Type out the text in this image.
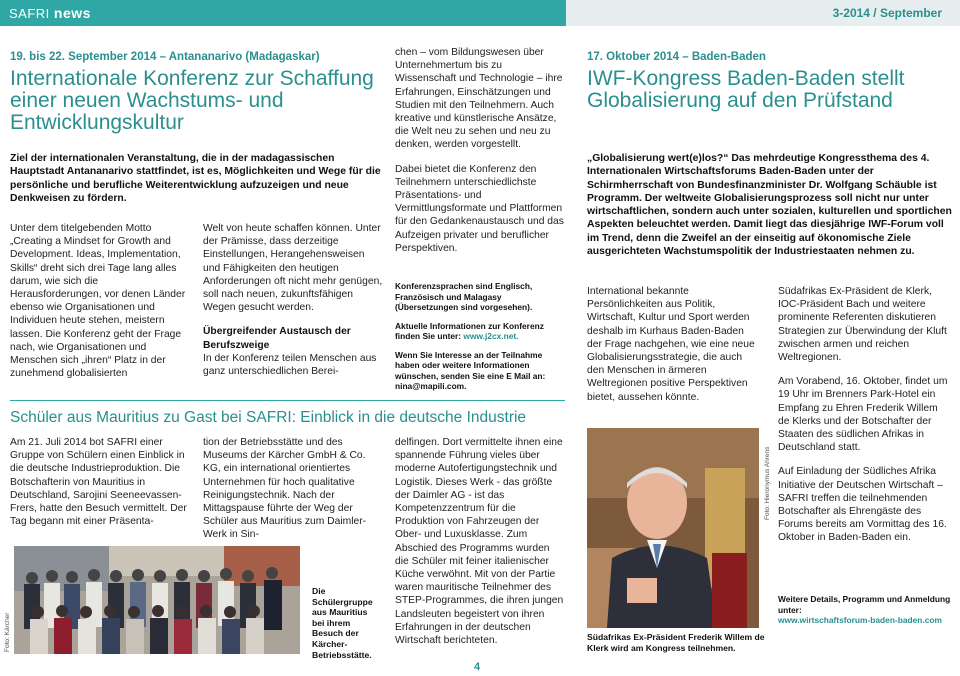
SAFRI news	3-2014 / September
19. bis 22. September 2014 – Antananarivo (Madagaskar)
Internationale Konferenz zur Schaffung einer neuen Wachstums- und Entwicklungskultur
Ziel der internationalen Veranstaltung, die in der madagassischen Hauptstadt Antananarivo stattfindet, ist es, Möglichkeiten und Wege für die persönliche und berufliche Weiterentwicklung aufzuzeigen und neue Denkweisen zu fördern.
Unter dem titelgebenden Motto „Creating a Mindset for Growth and Development. Ideas, Implementation, Skills“ dreht sich drei Tage lang alles darum, wie sich die Herausforderungen, vor denen Länder ebenso wie Organisationen und Individuen heute stehen, meistern lassen. Die Konferenz geht der Frage nach, wie Organisationen und Menschen sich „ihren“ Platz in der zunehmend globalisierten

Welt von heute schaffen können. Unter der Prämisse, dass derzeitige Einstellungen, Herangehensweisen und Fähigkeiten den heutigen Anforderungen oft nicht mehr genügen, soll nach neuen, zukunftsfähigen Wegen gesucht werden.

Übergreifender Austausch der Berufszweige

In der Konferenz teilen Menschen aus ganz unterschiedlichen Berei-

chen – vom Bildungswesen über Unternehmertum bis zu Wissenschaft und Technologie – ihre Erfahrungen, Einschätzungen und Studien mit den Teilnehmern. Auch kreative und künstlerische Ansätze, die Welt neu zu sehen und neu zu denken, werden vorgestellt.

Dabei bietet die Konferenz den Teilnehmern unterschiedlichste Präsentations- und Vermittlungsformate und Plattformen für den Gedankenaustausch und das Aufzeigen privater und beruflicher Perspektiven.

Konferenzsprachen sind Englisch, Französisch und Malagasy (Übersetzungen sind vorgesehen).

Aktuelle Informationen zur Konferenz finden Sie unter: www.j2cx.net.

Wenn Sie Interesse an der Teilnahme haben oder weitere Informationen wünschen, senden Sie eine E Mail an: nina@mapili.com.

Schüler aus Mauritius zu Gast bei SAFRI: Einblick in die deutsche Industrie
Am 21. Juli 2014 bot SAFRI einer Gruppe von Schülern einen Einblick in die deutsche Industrieproduktion. Die Botschafterin von Mauritius in Deutschland, Sarojini Seeneevassen-Frers, hatte den Besuch vermittelt. Der Tag begann mit einer Präsenta-
tion der Betriebsstätte und des Museums der Kärcher GmbH & Co. KG, ein international orientiertes Unternehmen für hoch qualitative Reinigungstechnik. Nach der Mittagspause führte der Weg der Schüler aus Mauritius zum Daimler-Werk in Sin-
delfingen. Dort vermittelte ihnen eine spannende Führung vieles über moderne Autofertigungstechnik und Logistik. Dieses Werk - das größte der Daimler AG - ist das Kompetenzzentrum für die Produktion von Fahrzeugen der Ober- und Luxusklasse. Zum Abschied des Programms wurden die Schüler mit feiner italienischer Küche verwöhnt. Mit von der Partie waren mauritische Teilnehmer des STEP-Programmes, die ihren jungen Landsleuten begeistert von ihren Erfahrungen in der deutschen Wirtschaft berichteten.
Foto: Kärcher
Die Schülergruppe aus Mauritius bei ihrem Besuch der Kärcher-Betriebsstätte.
17. Oktober 2014 – Baden-Baden
IWF-Kongress Baden-Baden stellt Globalisierung auf den Prüfstand
„Globalisierung wert(e)los?“ Das mehrdeutige Kongressthema des 4. Internationalen Wirtschaftsforums Baden-Baden unter der Schirmherrschaft von Bundesfinanzminister Dr. Wolfgang Schäuble ist Programm. Der weltweite Globalisierungsprozess soll nicht nur unter wirtschaftlichen, sondern auch unter sozialen, kulturellen und sportlichen Aspekten beleuchtet werden. Damit liegt das diesjährige IWF-Forum voll im Trend, denn die Zweifel an der einseitig auf ökonomische Ziele ausgerichteten Wachstumspolitik der Industriestaaten nehmen zu.
International bekannte Persönlichkeiten aus Politik, Wirtschaft, Kultur und Sport werden deshalb im Kurhaus Baden-Baden der Frage nachgehen, wie eine neue Globalisierungsstrategie, die auch den Menschen in ärmeren Weltregionen positive Perspektiven bietet, aussehen könnte.

Südafrikas Ex-Präsident de Klerk, IOC-Präsident Bach und weitere prominente Referenten diskutieren Strategien zur Überwindung der Kluft zwischen armen und reichen Weltregionen.

Am Vorabend, 16. Oktober, findet um 19 Uhr im Brenners Park-Hotel ein Empfang zu Ehren Frederik Willem de Klerks und der Botschafter der Staaten des südlichen Afrikas in Deutschland statt.

Auf Einladung der Südliches Afrika Initiative der Deutschen Wirtschaft – SAFRI treffen die teilnehmenden Botschafter als Ehrengäste des Forums bereits am Vormittag des 16. Oktober in Baden-Baden ein.

Weitere Details, Programm und Anmeldung unter:
www.wirtschaftsforum-baden-baden.com
Foto: Hieronymus Ahrens
Südafrikas Ex-Präsident Frederik Willem de Klerk wird am Kongress teilnehmen.
4
